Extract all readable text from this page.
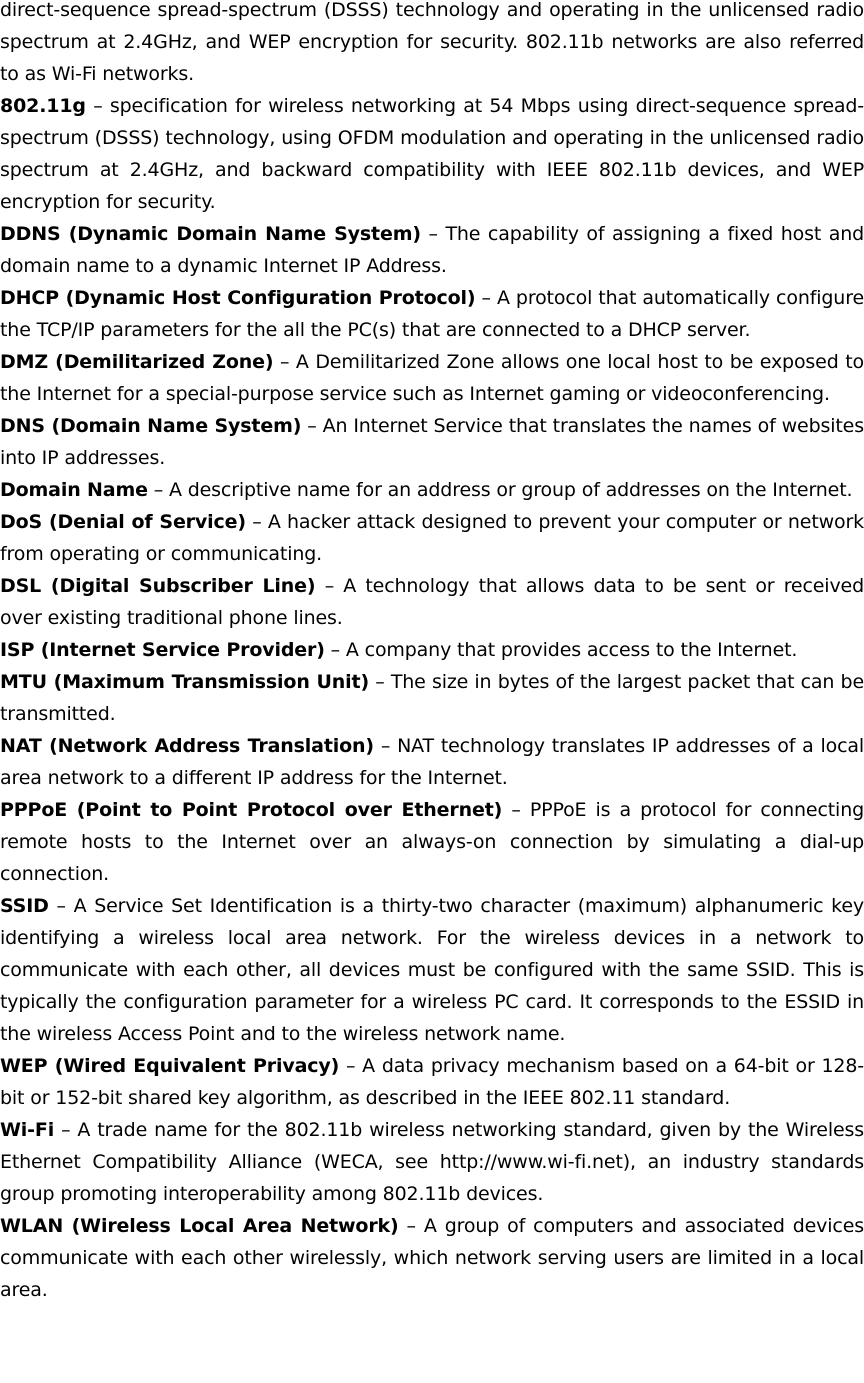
direct-sequence spread-spectrum (DSSS) technology and operating in the unlicensed radio spectrum at 2.4GHz, and WEP encryption for security. 802.11b networks are also referred to as Wi-Fi networks.

802.11g – specification for wireless networking at 54 Mbps using direct-sequence spread-spectrum (DSSS) technology, using OFDM modulation and operating in the unlicensed radio spectrum at 2.4GHz, and backward compatibility with IEEE 802.11b devices, and WEP encryption for security.

DDNS (Dynamic Domain Name System) – The capability of assigning a fixed host and domain name to a dynamic Internet IP Address.

DHCP (Dynamic Host Configuration Protocol) – A protocol that automatically configure the TCP/IP parameters for the all the PC(s) that are connected to a DHCP server.

DMZ (Demilitarized Zone) – A Demilitarized Zone allows one local host to be exposed to the Internet for a special-purpose service such as Internet gaming or videoconferencing.

DNS (Domain Name System) – An Internet Service that translates the names of websites into IP addresses.

Domain Name – A descriptive name for an address or group of addresses on the Internet.

DoS (Denial of Service) – A hacker attack designed to prevent your computer or network from operating or communicating.

DSL (Digital Subscriber Line) – A technology that allows data to be sent or received over existing traditional phone lines.

ISP (Internet Service Provider) – A company that provides access to the Internet.

MTU (Maximum Transmission Unit) – The size in bytes of the largest packet that can be transmitted.

NAT (Network Address Translation) – NAT technology translates IP addresses of a local area network to a different IP address for the Internet.

PPPoE (Point to Point Protocol over Ethernet) – PPPoE is a protocol for connecting remote hosts to the Internet over an always-on connection by simulating a dial-up connection.

SSID – A Service Set Identification is a thirty-two character (maximum) alphanumeric key identifying a wireless local area network. For the wireless devices in a network to communicate with each other, all devices must be configured with the same SSID. This is typically the configuration parameter for a wireless PC card. It corresponds to the ESSID in the wireless Access Point and to the wireless network name.

WEP (Wired Equivalent Privacy) – A data privacy mechanism based on a 64-bit or 128-bit or 152-bit shared key algorithm, as described in the IEEE 802.11 standard.

Wi-Fi – A trade name for the 802.11b wireless networking standard, given by the Wireless Ethernet Compatibility Alliance (WECA, see http://www.wi-fi.net), an industry standards group promoting interoperability among 802.11b devices.

WLAN (Wireless Local Area Network) – A group of computers and associated devices communicate with each other wirelessly, which network serving users are limited in a local area.
